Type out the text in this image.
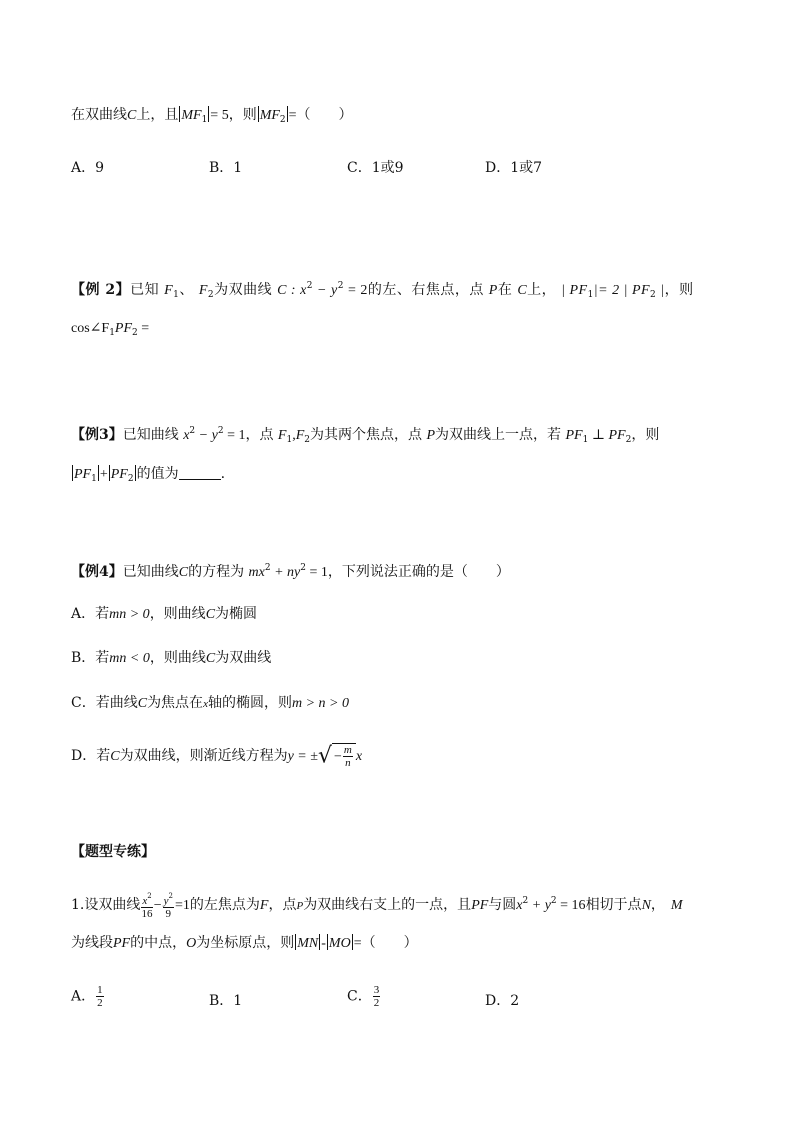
在双曲线C上，且 $MF_1 = 5$，则 $MF_2$ =（　　）
A．9	B．1	C．1或9	D．1或7
【例 2】已知 $F_1$、 $F_2$为双曲线 C : $x^2 - y^2 = 2$的左、右焦点，点 P在 C上， | $PF_1|= 2$ | $PF_2$ |，则
$\cos\angle F_1PF_2$ =
【例3】已知曲线 $x^2 - y^2 = 1$，点 $F_1,F_2$为其两个焦点，点 P为双曲线上一点，若 $PF_1$ ⊥ $PF_2$，则
$PF_1 + PF_2$ 的值为	.
【例4】已知曲线C的方程为 $mx^2 + ny^2 = 1$，下列说法正确的是（　　）
A．若mn > 0，则曲线C为椭圆
B．若mn < 0，则曲线C为双曲线
C．若曲线C为焦点在x轴的椭圆，则m > n > 0
D．若C为双曲线，则渐近线方程为y = ±√ − $\frac{m}{n}$ x
【题型专练】
1.设双曲线 $\frac{x^2}{16} - \frac{y^2}{9} =1$的左焦点为F，点P为双曲线右支上的一点，且PF与圆$x^2 + y^2 = 16$相切于点N， M
为线段PF的中点，O为坐标原点，则 MN - MO =（　　）
A． $\frac{1}{2}$	B．1	C． $\frac{3}{2}$	D．2
